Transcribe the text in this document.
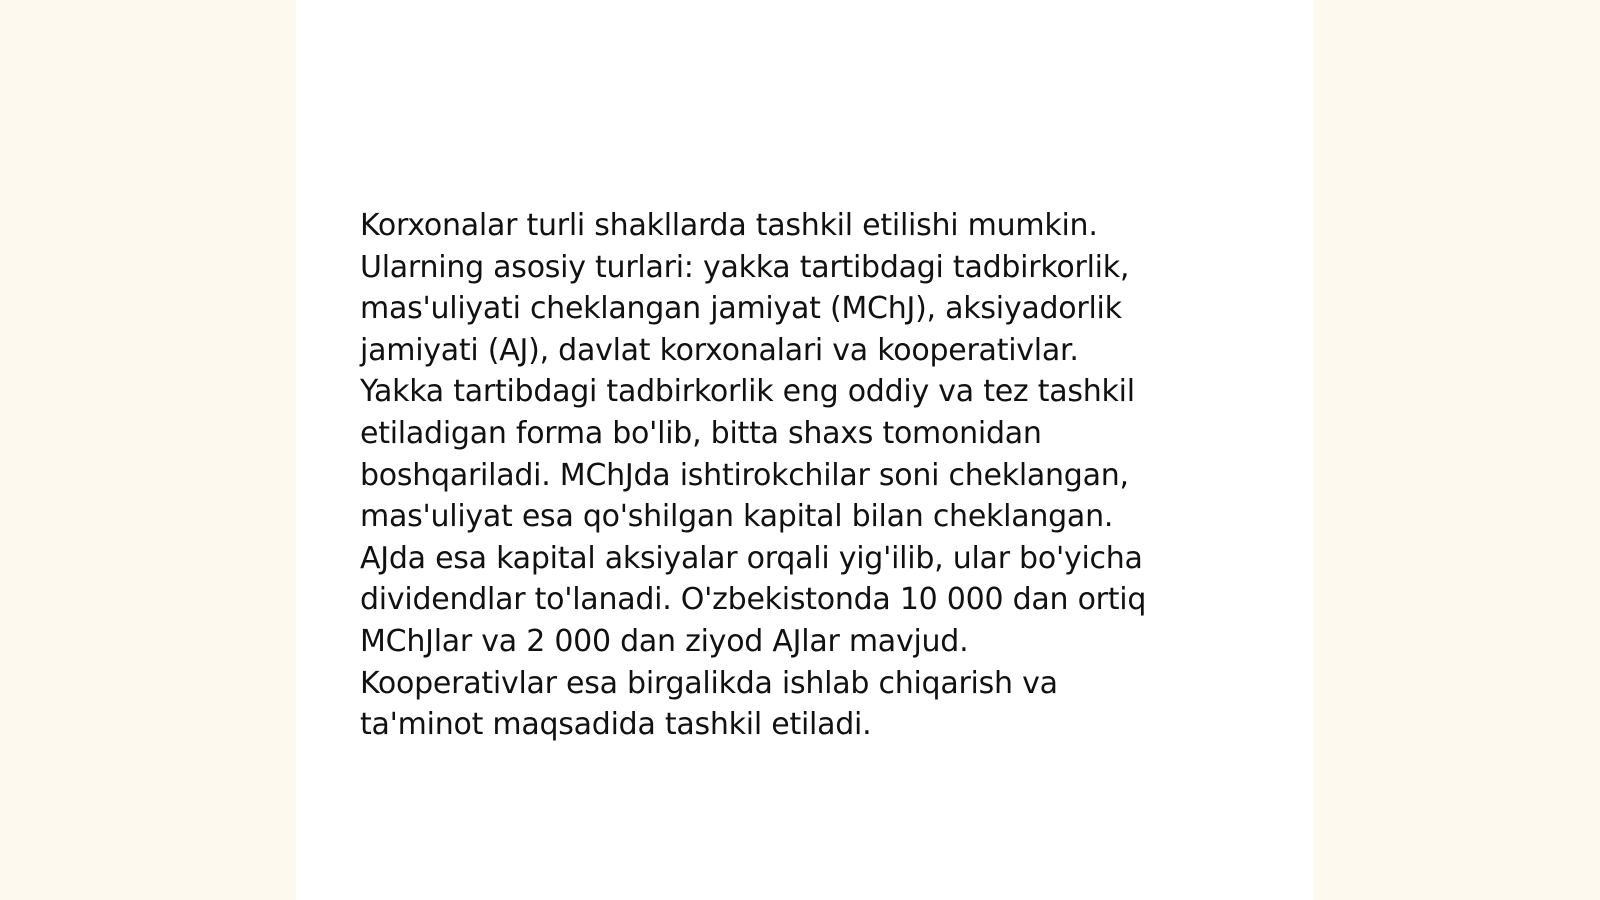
Korxonalar turli shakllarda tashkil etilishi mumkin.
Ularning asosiy turlari: yakka tartibdagi tadbirkorlik,
mas'uliyati cheklangan jamiyat (MChJ), aksiyadorlik
jamiyati (AJ), davlat korxonalari va kooperativlar.
Yakka tartibdagi tadbirkorlik eng oddiy va tez tashkil
etiladigan forma bo'lib, bitta shaxs tomonidan
boshqariladi. MChJda ishtirokchilar soni cheklangan,
mas'uliyat esa qo'shilgan kapital bilan cheklangan.
AJda esa kapital aksiyalar orqali yig'ilib, ular bo'yicha
dividendlar to'lanadi. O'zbekistonda 10 000 dan ortiq
MChJlar va 2 000 dan ziyod AJlar mavjud.
Kooperativlar esa birgalikda ishlab chiqarish va
ta'minot maqsadida tashkil etiladi.
